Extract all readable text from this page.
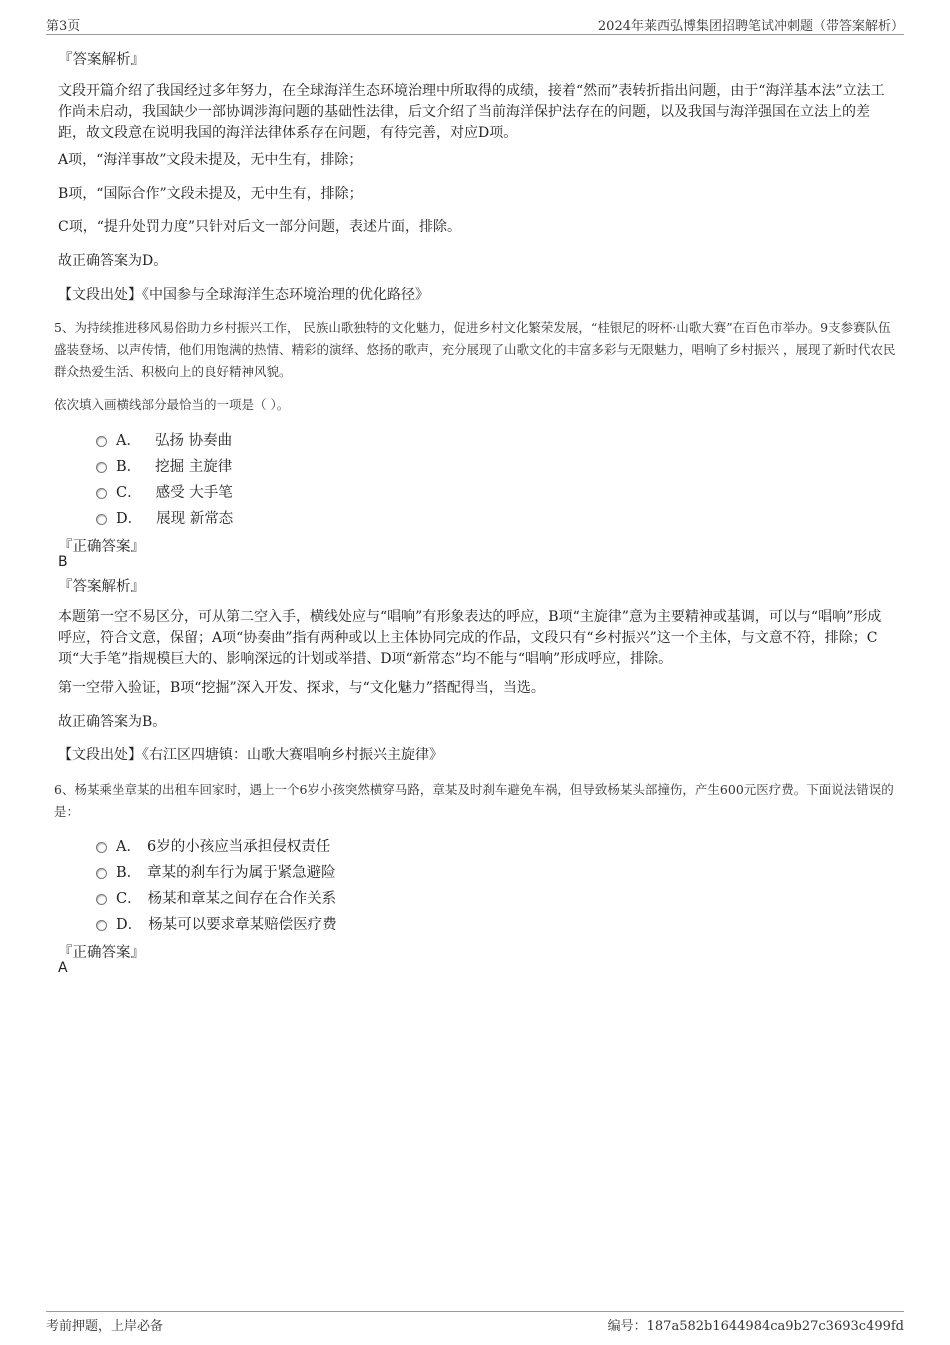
第3页	2024年莱西弘博集团招聘笔试冲刺题（带答案解析）
『答案解析』
文段开篇介绍了我国经过多年努力，在全球海洋生态环境治理中所取得的成绩，接着“然而”表转折指出问题，由于“海洋基本法”立法工作尚未启动，我国缺少一部协调涉海问题的基础性法律，后文介绍了当前海洋保护法存在的问题，以及我国与海洋强国在立法上的差距，故文段意在说明我国的海洋法律体系存在问题，有待完善，对应D项。
A项，“海洋事故”文段未提及，无中生有，排除；
B项，“国际合作”文段未提及，无中生有，排除；
C项，“提升处罚力度”只针对后文一部分问题，表述片面，排除。
故正确答案为D。
【文段出处】《中国参与全球海洋生态环境治理的优化路径》
5、为持续推进移风易俗助力乡村振兴工作， 民族山歌独特的文化魅力，促进乡村文化繁荣发展，“桂银尼的呀杯·山歌大赛”在百色市举办。9支参赛队伍盛装登场、以声传情，他们用饱满的热情、精彩的演绎、悠扬的歌声，充分展现了山歌文化的丰富多彩与无限魅力，唱响了乡村振兴 ，展现了新时代农民群众热爱生活、积极向上的良好精神风貌。
依次填入画横线部分最恰当的一项是（ ）。
A． 弘扬 协奏曲
B． 挖掘 主旋律
C． 感受 大手笔
D． 展现 新常态
『正确答案』
B
『答案解析』
本题第一空不易区分，可从第二空入手，横线处应与“唱响”有形象表达的呼应，B项“主旋律”意为主要精神或基调，可以与“唱响”形成呼应，符合文意，保留；A项“协奏曲”指有两种或以上主体协同完成的作品，文段只有“乡村振兴”这一个主体，与文意不符，排除；C项“大手笔”指规模巨大的、影响深远的计划或举措、D项“新常态”均不能与“唱响”形成呼应，排除。
第一空带入验证，B项“挖掘”深入开发、探求，与“文化魅力”搭配得当，当选。
故正确答案为B。
【文段出处】《右江区四塘镇：山歌大赛唱响乡村振兴主旋律》
6、杨某乘坐章某的出租车回家时，遇上一个6岁小孩突然横穿马路，章某及时刹车避免车祸，但导致杨某头部撞伤，产生600元医疗费。下面说法错误的是：
A． 6岁的小孩应当承担侵权责任
B． 章某的刹车行为属于紧急避险
C． 杨某和章某之间存在合作关系
D． 杨某可以要求章某赔偿医疗费
『正确答案』
A
考前押题，上岸必备	编号：187a582b1644984ca9b27c3693c499fd
